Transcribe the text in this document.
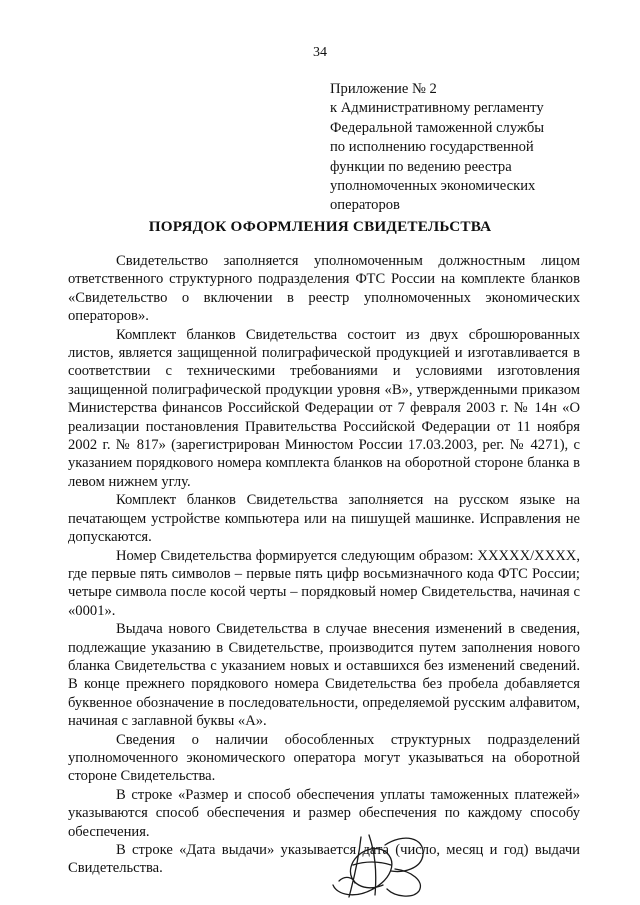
34
Приложение № 2
к Административному регламенту
Федеральной таможенной службы
по исполнению государственной
функции по ведению реестра
уполномоченных экономических
операторов
ПОРЯДОК ОФОРМЛЕНИЯ СВИДЕТЕЛЬСТВА

Свидетельство заполняется уполномоченным должностным лицом ответственного структурного подразделения ФТС России на комплекте бланков «Свидетельство о включении в реестр уполномоченных экономических операторов».

Комплект бланков Свидетельства состоит из двух сброшюрованных листов, является защищенной полиграфической продукцией и изготавливается в соответствии с техническими требованиями и условиями изготовления защищенной полиграфической продукции уровня «В», утвержденными приказом Министерства финансов Российской Федерации от 7 февраля 2003 г. № 14н «О реализации постановления Правительства Российской Федерации от 11 ноября 2002 г. № 817» (зарегистрирован Минюстом России 17.03.2003, рег. № 4271), с указанием порядкового номера комплекта бланков на оборотной стороне бланка в левом нижнем углу.

Комплект бланков Свидетельства заполняется на русском языке на печатающем устройстве компьютера или на пишущей машинке. Исправления не допускаются.

Номер Свидетельства формируется следующим образом: XXXXX/XXXX, где первые пять символов – первые пять цифр восьмизначного кода ФТС России; четыре символа после косой черты – порядковый номер Свидетельства, начиная с «0001».

Выдача нового Свидетельства в случае внесения изменений в сведения, подлежащие указанию в Свидетельстве, производится путем заполнения нового бланка Свидетельства с указанием новых и оставшихся без изменений сведений. В конце прежнего порядкового номера Свидетельства без пробела добавляется буквенное обозначение в последовательности, определяемой русским алфавитом, начиная с заглавной буквы «А».

Сведения о наличии обособленных структурных подразделений уполномоченного экономического оператора могут указываться на оборотной стороне Свидетельства.

В строке «Размер и способ обеспечения уплаты таможенных платежей» указываются способ обеспечения и размер обеспечения по каждому способу обеспечения.

В строке «Дата выдачи» указывается дата (число, месяц и год) выдачи Свидетельства.
